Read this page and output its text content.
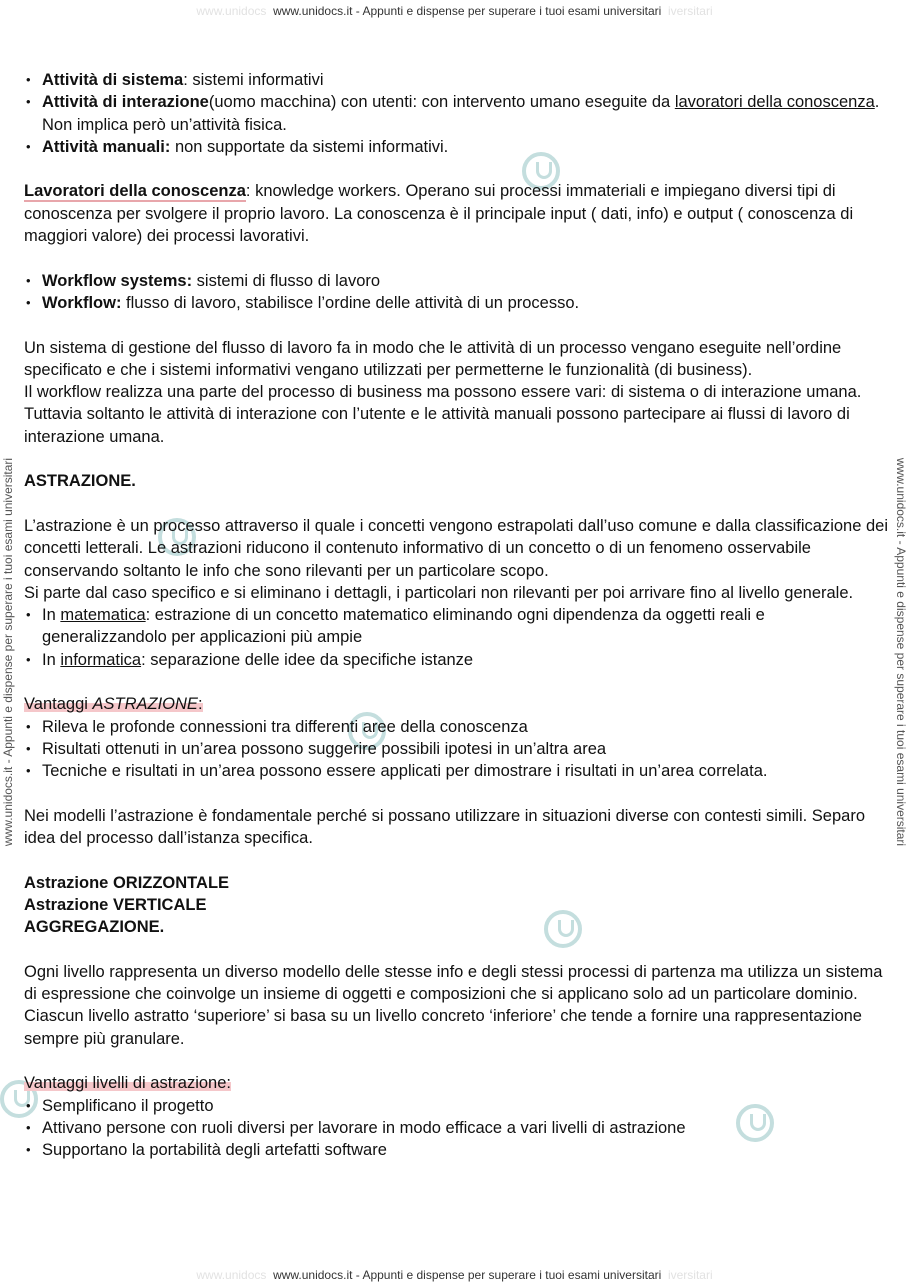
www.unidocs www.unidocs.it - Appunti e dispense per superare i tuoi esami universitari iversitari
www.unidocs.it - Appunti e dispense per superare i tuoi esami universitari	www.unidocs.it - Appunti e dispense per superare i tuoi esami universitari
• Attività di sistema: sistemi informativi
• Attività di interazione(uomo macchina) con utenti: con intervento umano eseguite da lavoratori della conoscenza. Non implica però un’attività fisica.
• Attività manuali: non supportate da sistemi informativi.

Lavoratori della conoscenza: knowledge workers. Operano sui processi immateriali e impiegano diversi tipi di conoscenza per svolgere il proprio lavoro. La conoscenza è il principale input ( dati, info) e output ( conoscenza di maggiori valore) dei processi lavorativi.

• Workflow systems: sistemi di flusso di lavoro
• Workflow: flusso di lavoro, stabilisce l’ordine delle attività di un processo.

Un sistema di gestione del flusso di lavoro fa in modo che le attività di un processo vengano eseguite nell’ordine specificato e che i sistemi informativi vengano utilizzati per permetterne le funzionalità (di business).

Il workflow realizza una parte del processo di business ma possono essere vari: di sistema o di interazione umana. Tuttavia soltanto le attività di interazione con l’utente e le attività manuali possono partecipare ai flussi di lavoro di interazione umana.

ASTRAZIONE.

L’astrazione è un processo attraverso il quale i concetti vengono estrapolati dall’uso comune e dalla classificazione dei concetti letterali. Le astrazioni riducono il contenuto informativo di un concetto o di un fenomeno osservabile conservando soltanto le info che sono rilevanti per un particolare scopo.

Si parte dal caso specifico e si eliminano i dettagli, i particolari non rilevanti per poi arrivare fino al livello generale.

• In matematica: estrazione di un concetto matematico eliminando ogni dipendenza da oggetti reali e generalizzandolo per applicazioni più ampie
• In informatica: separazione delle idee da specifiche istanze

Vantaggi ASTRAZIONE:

• Rileva le profonde connessioni tra differenti aree della conoscenza
• Risultati ottenuti in un’area possono suggerire possibili ipotesi in un’altra area
• Tecniche e risultati in un’area possono essere applicati per dimostrare i risultati in un’area correlata.

Nei modelli l’astrazione è fondamentale perché si possano utilizzare in situazioni diverse con contesti simili. Separo idea del processo dall’istanza specifica.

Astrazione ORIZZONTALE

Astrazione VERTICALE

AGGREGAZIONE.

Ogni livello rappresenta un diverso modello delle stesse info e degli stessi processi di partenza ma utilizza un sistema di espressione che coinvolge un insieme di oggetti e composizioni che si applicano solo ad un particolare dominio. Ciascun livello astratto ‘superiore’ si basa su un livello concreto ‘inferiore’ che tende a fornire una rappresentazione sempre più granulare.

Vantaggi livelli di astrazione:

• Semplificano il progetto
• Attivano persone con ruoli diversi per lavorare in modo efficace a vari livelli di astrazione
• Supportano la portabilità degli artefatti software
www.unidocs www.unidocs.it - Appunti e dispense per superare i tuoi esami universitari iversitari
